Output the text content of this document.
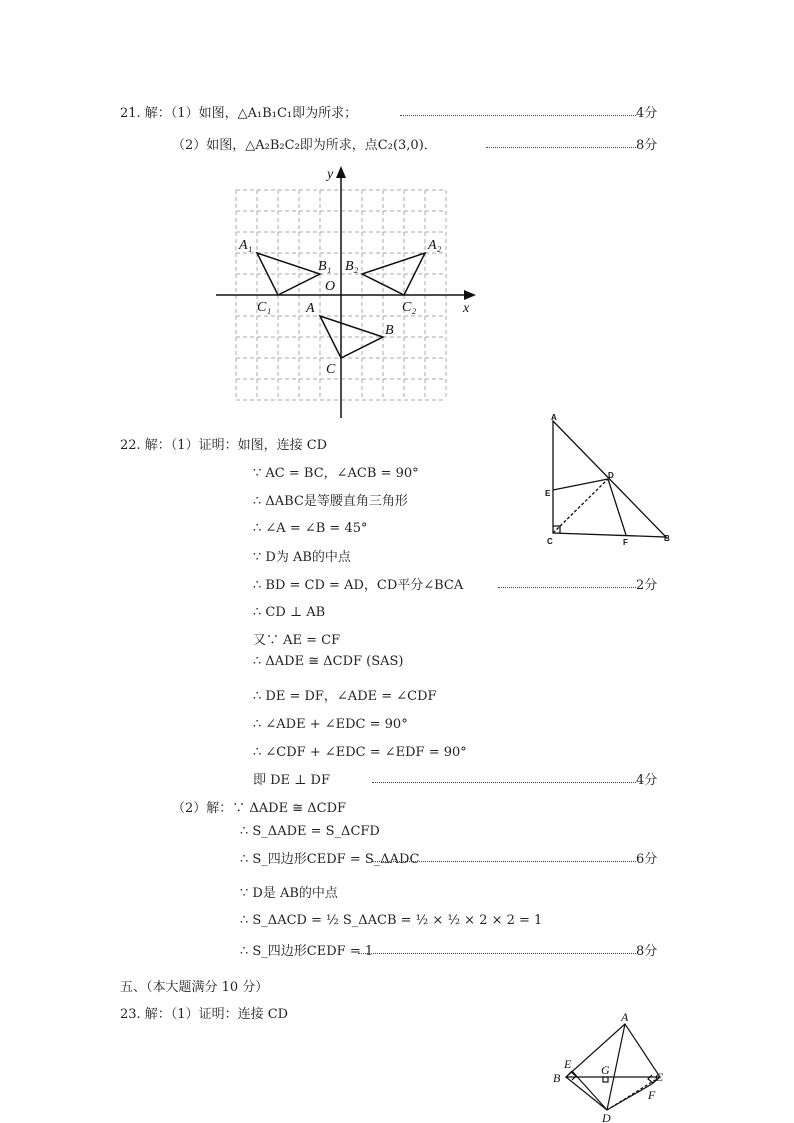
21. 解：（1）如图，△A₁B₁C₁即为所求；	4分
（2）如图，△A₂B₂C₂即为所求，点C₂(3,0)．	8分
y
x
O
A₁
B₁
C₁
A₂
B₂
C₂
A
B
C
22. 解：（1）证明：如图，连接 CD
∵ AC = BC，∠ACB = 90°
∴ ΔABC是等腰直角三角形
∴ ∠A = ∠B = 45°
∵ D为 AB的中点
∴ BD = CD = AD，CD平分∠BCA	2分
∴ CD ⊥ AB
又∵ AE = CF
∴ ΔADE ≅ ΔCDF (SAS)
∴ DE = DF，∠ADE = ∠CDF
∴ ∠ADE + ∠EDC = 90°
∴ ∠CDF + ∠EDC = ∠EDF = 90°
即 DE ⊥ DF	4分
（2）解：∵ ΔADE ≅ ΔCDF
∴ S_ΔADE = S_ΔCFD
∴ S_四边形CEDF = S_ΔADC	6分
∵ D是 AB的中点
∴ S_ΔACD = ½ S_ΔACB = ½ × ½ × 2 × 2 = 1
∴ S_四边形CEDF = 1	8分
A
D
E
C	F	B
五、（本大题满分 10 分）
23. 解：（1）证明：连接 CD	A
E
B
G	C
F
D
